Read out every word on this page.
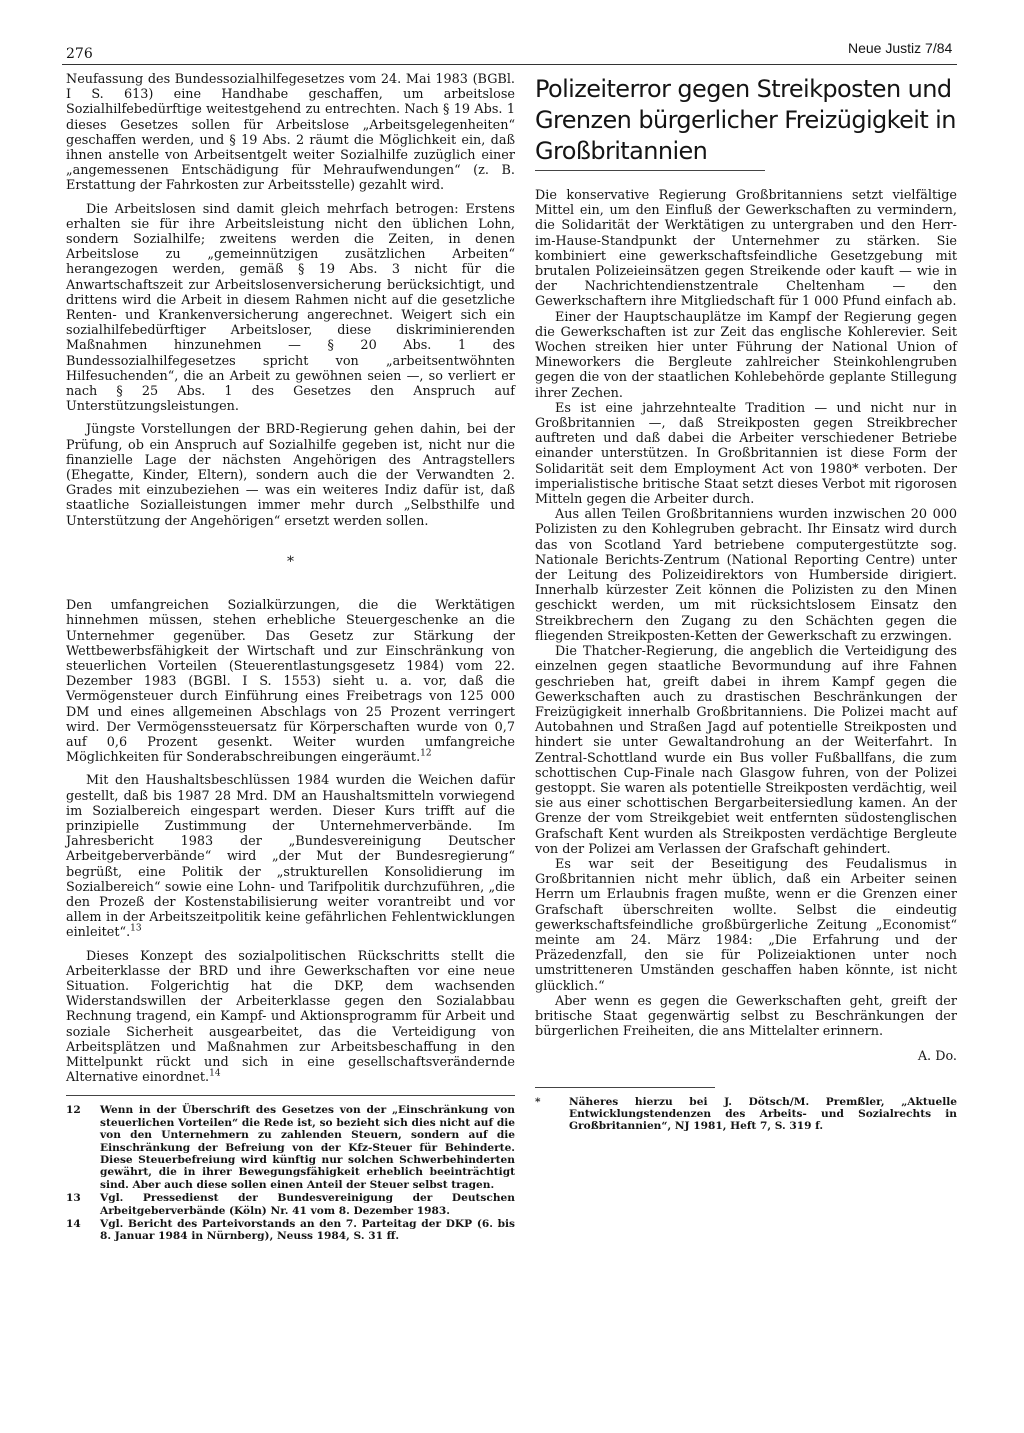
276	Neue Justiz 7/84

Neufassung des Bundessozialhilfegesetzes vom 24. Mai 1983 (BGBl. I S. 613) eine Handhabe geschaffen, um arbeitslose Sozialhilfebedürftige weitestgehend zu entrechten. Nach § 19 Abs. 1 dieses Gesetzes sollen für Arbeitslose „Arbeitsgelegenheiten“ geschaffen werden, und § 19 Abs. 2 räumt die Möglichkeit ein, daß ihnen anstelle von Arbeitsentgelt weiter Sozialhilfe zuzüglich einer „angemessenen Entschädigung für Mehraufwendungen“ (z. B. Erstattung der Fahrkosten zur Arbeitsstelle) gezahlt wird.

Die Arbeitslosen sind damit gleich mehrfach betrogen: Erstens erhalten sie für ihre Arbeitsleistung nicht den üblichen Lohn, sondern Sozialhilfe; zweitens werden die Zeiten, in denen Arbeitslose zu „gemeinnützigen zusätzlichen Arbeiten“ herangezogen werden, gemäß § 19 Abs. 3 nicht für die Anwartschaftszeit zur Arbeitslosenversicherung berücksichtigt, und drittens wird die Arbeit in diesem Rahmen nicht auf die gesetzliche Renten- und Krankenversicherung angerechnet. Weigert sich ein sozialhilfebedürftiger Arbeitsloser, diese diskriminierenden Maßnahmen hinzunehmen — § 20 Abs. 1 des Bundessozialhilfegesetzes spricht von „arbeitsentwöhnten Hilfesuchenden“, die an Arbeit zu gewöhnen seien —, so verliert er nach § 25 Abs. 1 des Gesetzes den Anspruch auf Unterstützungsleistungen.

Jüngste Vorstellungen der BRD-Regierung gehen dahin, bei der Prüfung, ob ein Anspruch auf Sozialhilfe gegeben ist, nicht nur die finanzielle Lage der nächsten Angehörigen des Antragstellers (Ehegatte, Kinder, Eltern), sondern auch die der Verwandten 2. Grades mit einzubeziehen — was ein weiteres Indiz dafür ist, daß staatliche Sozialleistungen immer mehr durch „Selbsthilfe und Unterstützung der Angehörigen“ ersetzt werden sollen.

*

Den umfangreichen Sozialkürzungen, die die Werktätigen hinnehmen müssen, stehen erhebliche Steuergeschenke an die Unternehmer gegenüber. Das Gesetz zur Stärkung der Wettbewerbsfähigkeit der Wirtschaft und zur Einschränkung von steuerlichen Vorteilen (Steuerentlastungsgesetz 1984) vom 22. Dezember 1983 (BGBl. I S. 1553) sieht u. a. vor, daß die Vermögensteuer durch Einführung eines Freibetrags von 125 000 DM und eines allgemeinen Abschlags von 25 Prozent verringert wird. Der Vermögenssteuersatz für Körperschaften wurde von 0,7 auf 0,6 Prozent gesenkt. Weiter wurden umfangreiche Möglichkeiten für Sonderabschreibungen eingeräumt.$^{12}$

Mit den Haushaltsbeschlüssen 1984 wurden die Weichen dafür gestellt, daß bis 1987 28 Mrd. DM an Haushaltsmitteln vorwiegend im Sozialbereich eingespart werden. Dieser Kurs trifft auf die prinzipielle Zustimmung der Unternehmerverbände. Im Jahresbericht 1983 der „Bundesvereinigung Deutscher Arbeitgeberverbände“ wird „der Mut der Bundesregierung“ begrüßt, eine Politik der „strukturellen Konsolidierung im Sozialbereich“ sowie eine Lohn- und Tarifpolitik durchzuführen, „die den Prozeß der Kostenstabilisierung weiter vorantreibt und vor allem in der Arbeitszeitpolitik keine gefährlichen Fehlentwicklungen einleitet“.$^{13}$

Dieses Konzept des sozialpolitischen Rückschritts stellt die Arbeiterklasse der BRD und ihre Gewerkschaften vor eine neue Situation. Folgerichtig hat die DKP, dem wachsenden Widerstandswillen der Arbeiterklasse gegen den Sozialabbau Rechnung tragend, ein Kampf- und Aktionsprogramm für Arbeit und soziale Sicherheit ausgearbeitet, das die Verteidigung von Arbeitsplätzen und Maßnahmen zur Arbeitsbeschaffung in den Mittelpunkt rückt und sich in eine gesellschaftsverändernde Alternative einordnet.$^{14}$

12	Wenn in der Überschrift des Gesetzes von der „Einschränkung von steuerlichen Vorteilen“ die Rede ist, so bezieht sich dies nicht auf die von den Unternehmern zu zahlenden Steuern, sondern auf die Einschränkung der Befreiung von der Kfz-Steuer für Behinderte. Diese Steuerbefreiung wird künftig nur solchen Schwerbehinderten gewährt, die in ihrer Bewegungsfähigkeit erheblich beeinträchtigt sind. Aber auch diese sollen einen Anteil der Steuer selbst tragen.
13	Vgl. Pressedienst der Bundesvereinigung der Deutschen Arbeitgeberverbände (Köln) Nr. 41 vom 8. Dezember 1983.
14	Vgl. Bericht des Parteivorstands an den 7. Parteitag der DKP (6. bis 8. Januar 1984 in Nürnberg), Neuss 1984, S. 31 ff.
Polizeiterror gegen Streikposten und Grenzen bürgerlicher Freizügigkeit in Großbritannien

Die konservative Regierung Großbritanniens setzt vielfältige Mittel ein, um den Einfluß der Gewerkschaften zu vermindern, die Solidarität der Werktätigen zu untergraben und den Herr-im-Hause-Standpunkt der Unternehmer zu stärken. Sie kombiniert eine gewerkschaftsfeindliche Gesetzgebung mit brutalen Polizeieinsätzen gegen Streikende oder kauft — wie in der Nachrichtendienstzentrale Cheltenham — den Gewerkschaftern ihre Mitgliedschaft für 1 000 Pfund einfach ab.

Einer der Hauptschauplätze im Kampf der Regierung gegen die Gewerkschaften ist zur Zeit das englische Kohlerevier. Seit Wochen streiken hier unter Führung der National Union of Mineworkers die Bergleute zahlreicher Steinkohlengruben gegen die von der staatlichen Kohlebehörde geplante Stillegung ihrer Zechen.

Es ist eine jahrzehntealte Tradition — und nicht nur in Großbritannien —, daß Streikposten gegen Streikbrecher auftreten und daß dabei die Arbeiter verschiedener Betriebe einander unterstützen. In Großbritannien ist diese Form der Solidarität seit dem Employment Act von 1980* verboten. Der imperialistische britische Staat setzt dieses Verbot mit rigorosen Mitteln gegen die Arbeiter durch.

Aus allen Teilen Großbritanniens wurden inzwischen 20 000 Polizisten zu den Kohlegruben gebracht. Ihr Einsatz wird durch das von Scotland Yard betriebene computergestützte sog. Nationale Berichts-Zentrum (National Reporting Centre) unter der Leitung des Polizeidirektors von Humberside dirigiert. Innerhalb kürzester Zeit können die Polizisten zu den Minen geschickt werden, um mit rücksichtslosem Einsatz den Streikbrechern den Zugang zu den Schächten gegen die fliegenden Streikposten-Ketten der Gewerkschaft zu erzwingen.

Die Thatcher-Regierung, die angeblich die Verteidigung des einzelnen gegen staatliche Bevormundung auf ihre Fahnen geschrieben hat, greift dabei in ihrem Kampf gegen die Gewerkschaften auch zu drastischen Beschränkungen der Freizügigkeit innerhalb Großbritanniens. Die Polizei macht auf Autobahnen und Straßen Jagd auf potentielle Streikposten und hindert sie unter Gewaltandrohung an der Weiterfahrt. In Zentral-Schottland wurde ein Bus voller Fußballfans, die zum schottischen Cup-Finale nach Glasgow fuhren, von der Polizei gestoppt. Sie waren als potentielle Streikposten verdächtig, weil sie aus einer schottischen Bergarbeitersiedlung kamen. An der Grenze der vom Streikgebiet weit entfernten südostenglischen Grafschaft Kent wurden als Streikposten verdächtige Bergleute von der Polizei am Verlassen der Grafschaft gehindert.

Es war seit der Beseitigung des Feudalismus in Großbritannien nicht mehr üblich, daß ein Arbeiter seinen Herrn um Erlaubnis fragen mußte, wenn er die Grenzen einer Grafschaft überschreiten wollte. Selbst die eindeutig gewerkschaftsfeindliche großbürgerliche Zeitung „Economist“ meinte am 24. März 1984: „Die Erfahrung und der Präzedenzfall, den sie für Polizeiaktionen unter noch umstritteneren Umständen geschaffen haben könnte, ist nicht glücklich.“

Aber wenn es gegen die Gewerkschaften geht, greift der britische Staat gegenwärtig selbst zu Beschränkungen der bürgerlichen Freiheiten, die ans Mittelalter erinnern.

A. Do.
*	Näheres hierzu bei J. Dötsch/M. Premßler, „Aktuelle Entwicklungstendenzen des Arbeits- und Sozialrechts in Großbritannien“, NJ 1981, Heft 7, S. 319 f.
